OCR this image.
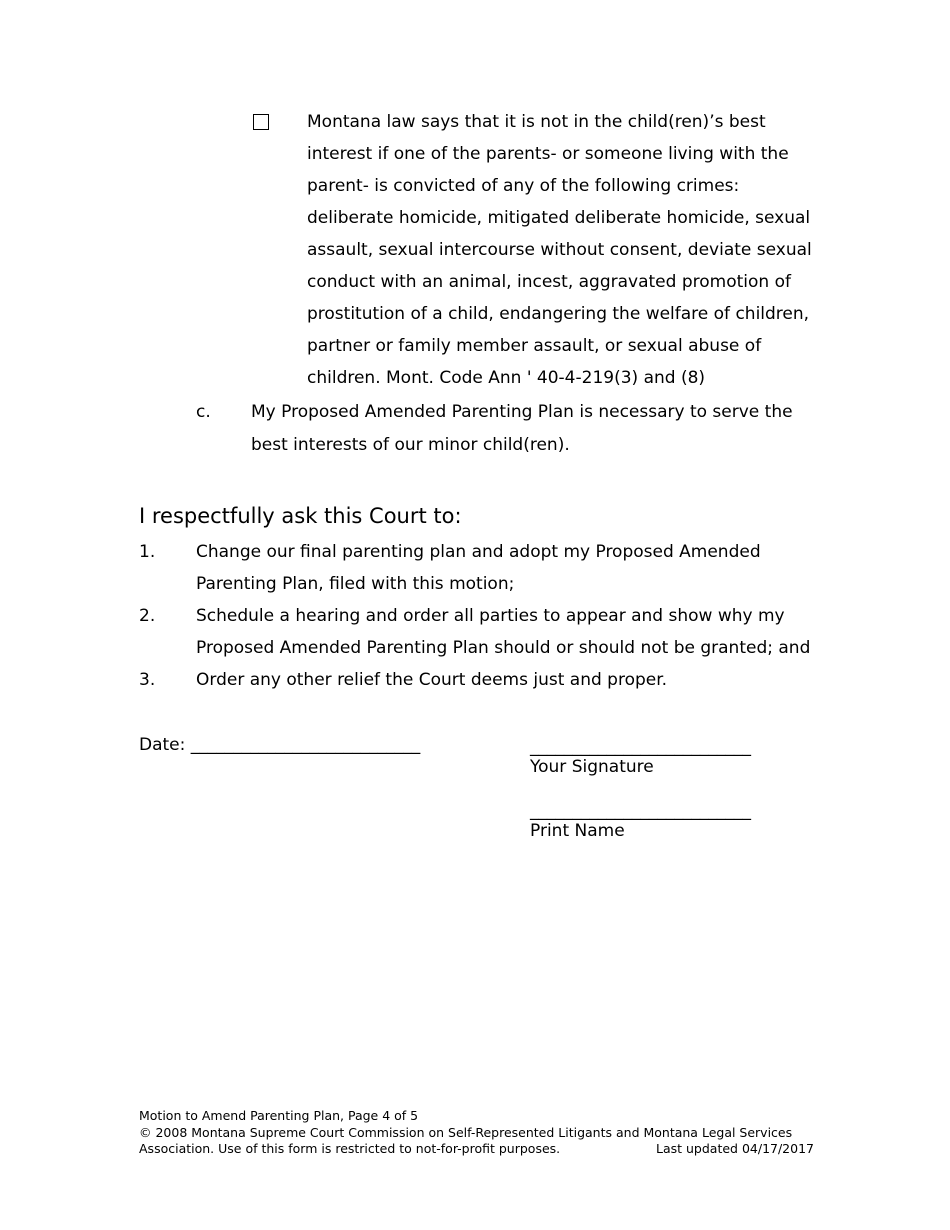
Montana law says that it is not in the child(ren)’s best interest if one of the parents- or someone living with the parent- is convicted of any of the following crimes: deliberate homicide, mitigated deliberate homicide, sexual assault, sexual intercourse without consent, deviate sexual conduct with an animal, incest, aggravated promotion of prostitution of a child, endangering the welfare of children, partner or family member assault, or sexual abuse of children. Mont. Code Ann ' 40-4-219(3) and (8)
c. My Proposed Amended Parenting Plan is necessary to serve the best interests of our minor child(ren).
I respectfully ask this Court to:
1. Change our final parenting plan and adopt my Proposed Amended Parenting Plan, filed with this motion;
2. Schedule a hearing and order all parties to appear and show why my Proposed Amended Parenting Plan should or should not be granted; and
3. Order any other relief the Court deems just and proper.
Date: ___________________________	__________________________
Your Signature
__________________________
Print Name
Motion to Amend Parenting Plan, Page 4 of 5
© 2008 Montana Supreme Court Commission on Self-Represented Litigants and Montana Legal Services
Association. Use of this form is restricted to not-for-profit purposes.	Last updated 04/17/2017
